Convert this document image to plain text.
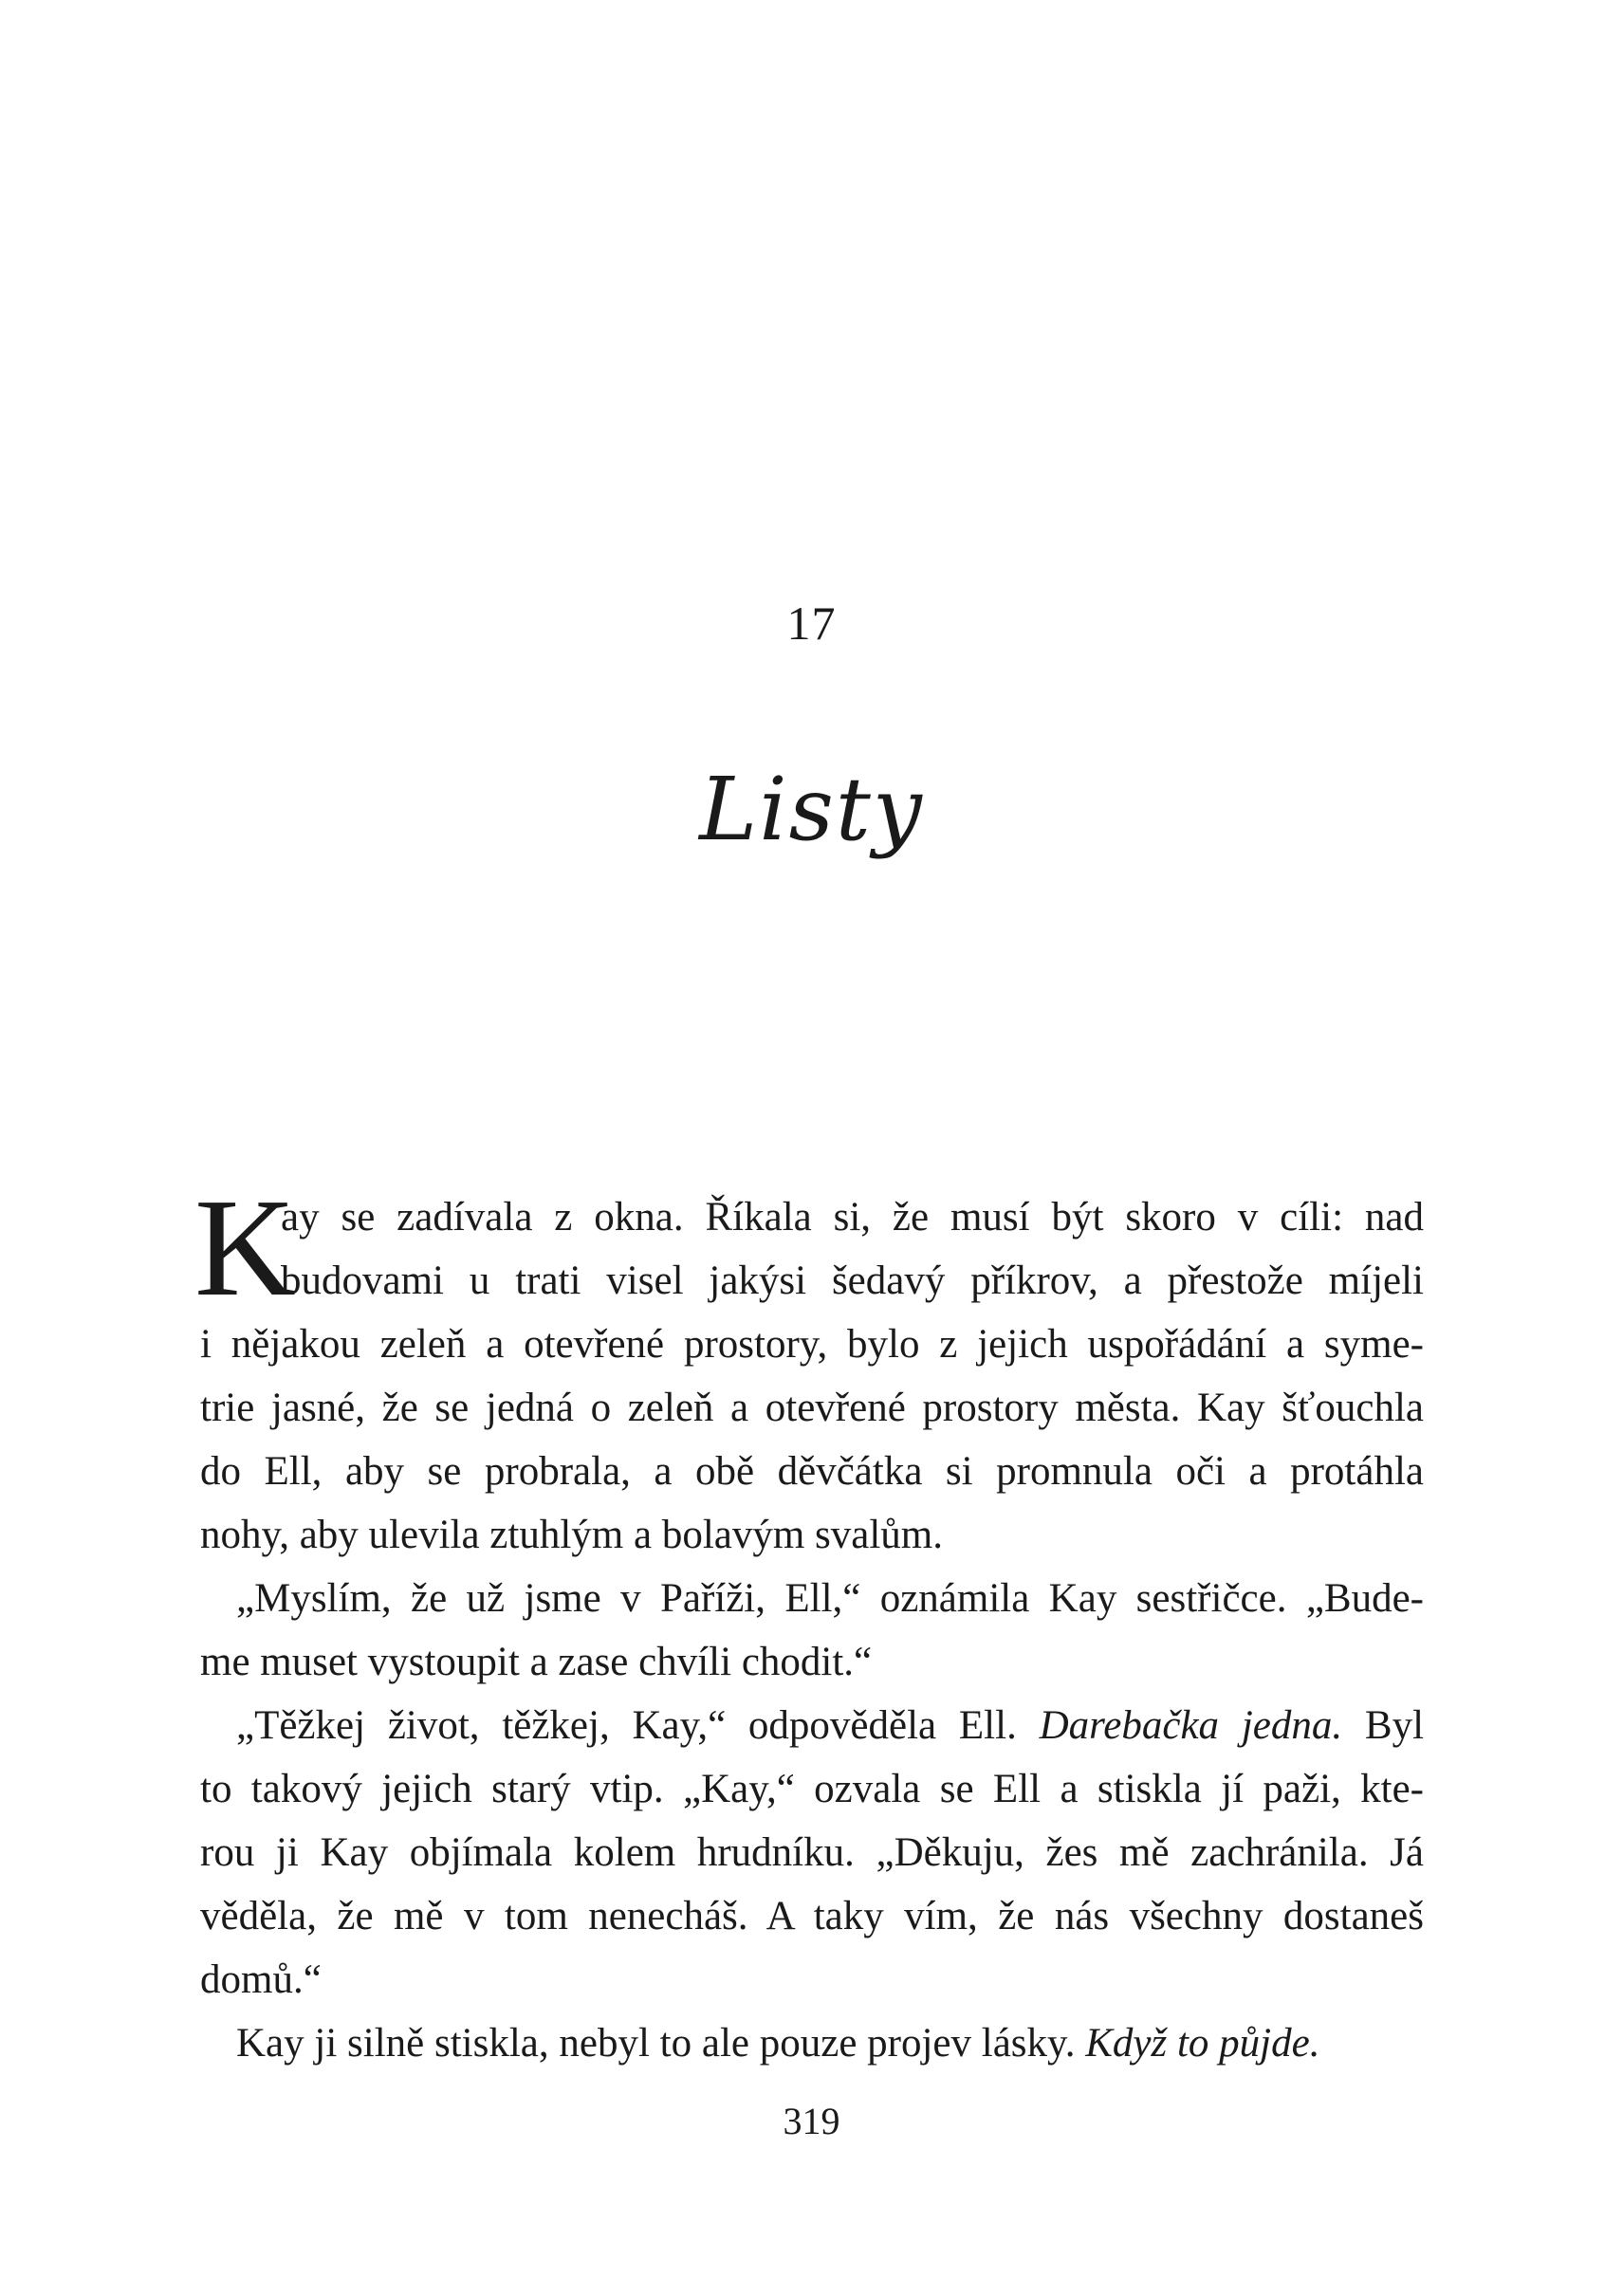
17
Listy
K
ay se zadívala z okna. Říkala si, že musí být skoro v cíli: nad
budovami u trati visel jakýsi šedavý příkrov, a přestože míjeli
i nějakou zeleň a otevřené prostory, bylo z jejich uspořádání a syme-
trie jasné, že se jedná o zeleň a otevřené prostory města. Kay šťouchla
do Ell, aby se probrala, a obě děvčátka si promnula oči a protáhla
nohy, aby ulevila ztuhlým a bolavým svalům.
„Myslím, že už jsme v Paříži, Ell,“ oznámila Kay sestřičce. „Bude-
me muset vystoupit a zase chvíli chodit.“
„Těžkej život, těžkej, Kay,“ odpověděla Ell. Darebačka jedna. Byl
to takový jejich starý vtip. „Kay,“ ozvala se Ell a stiskla jí paži, kte-
rou ji Kay objímala kolem hrudníku. „Děkuju, žes mě zachránila. Já
věděla, že mě v tom nenecháš. A taky vím, že nás všechny dostaneš
domů.“
Kay ji silně stiskla, nebyl to ale pouze projev lásky. Když to půjde.
319
